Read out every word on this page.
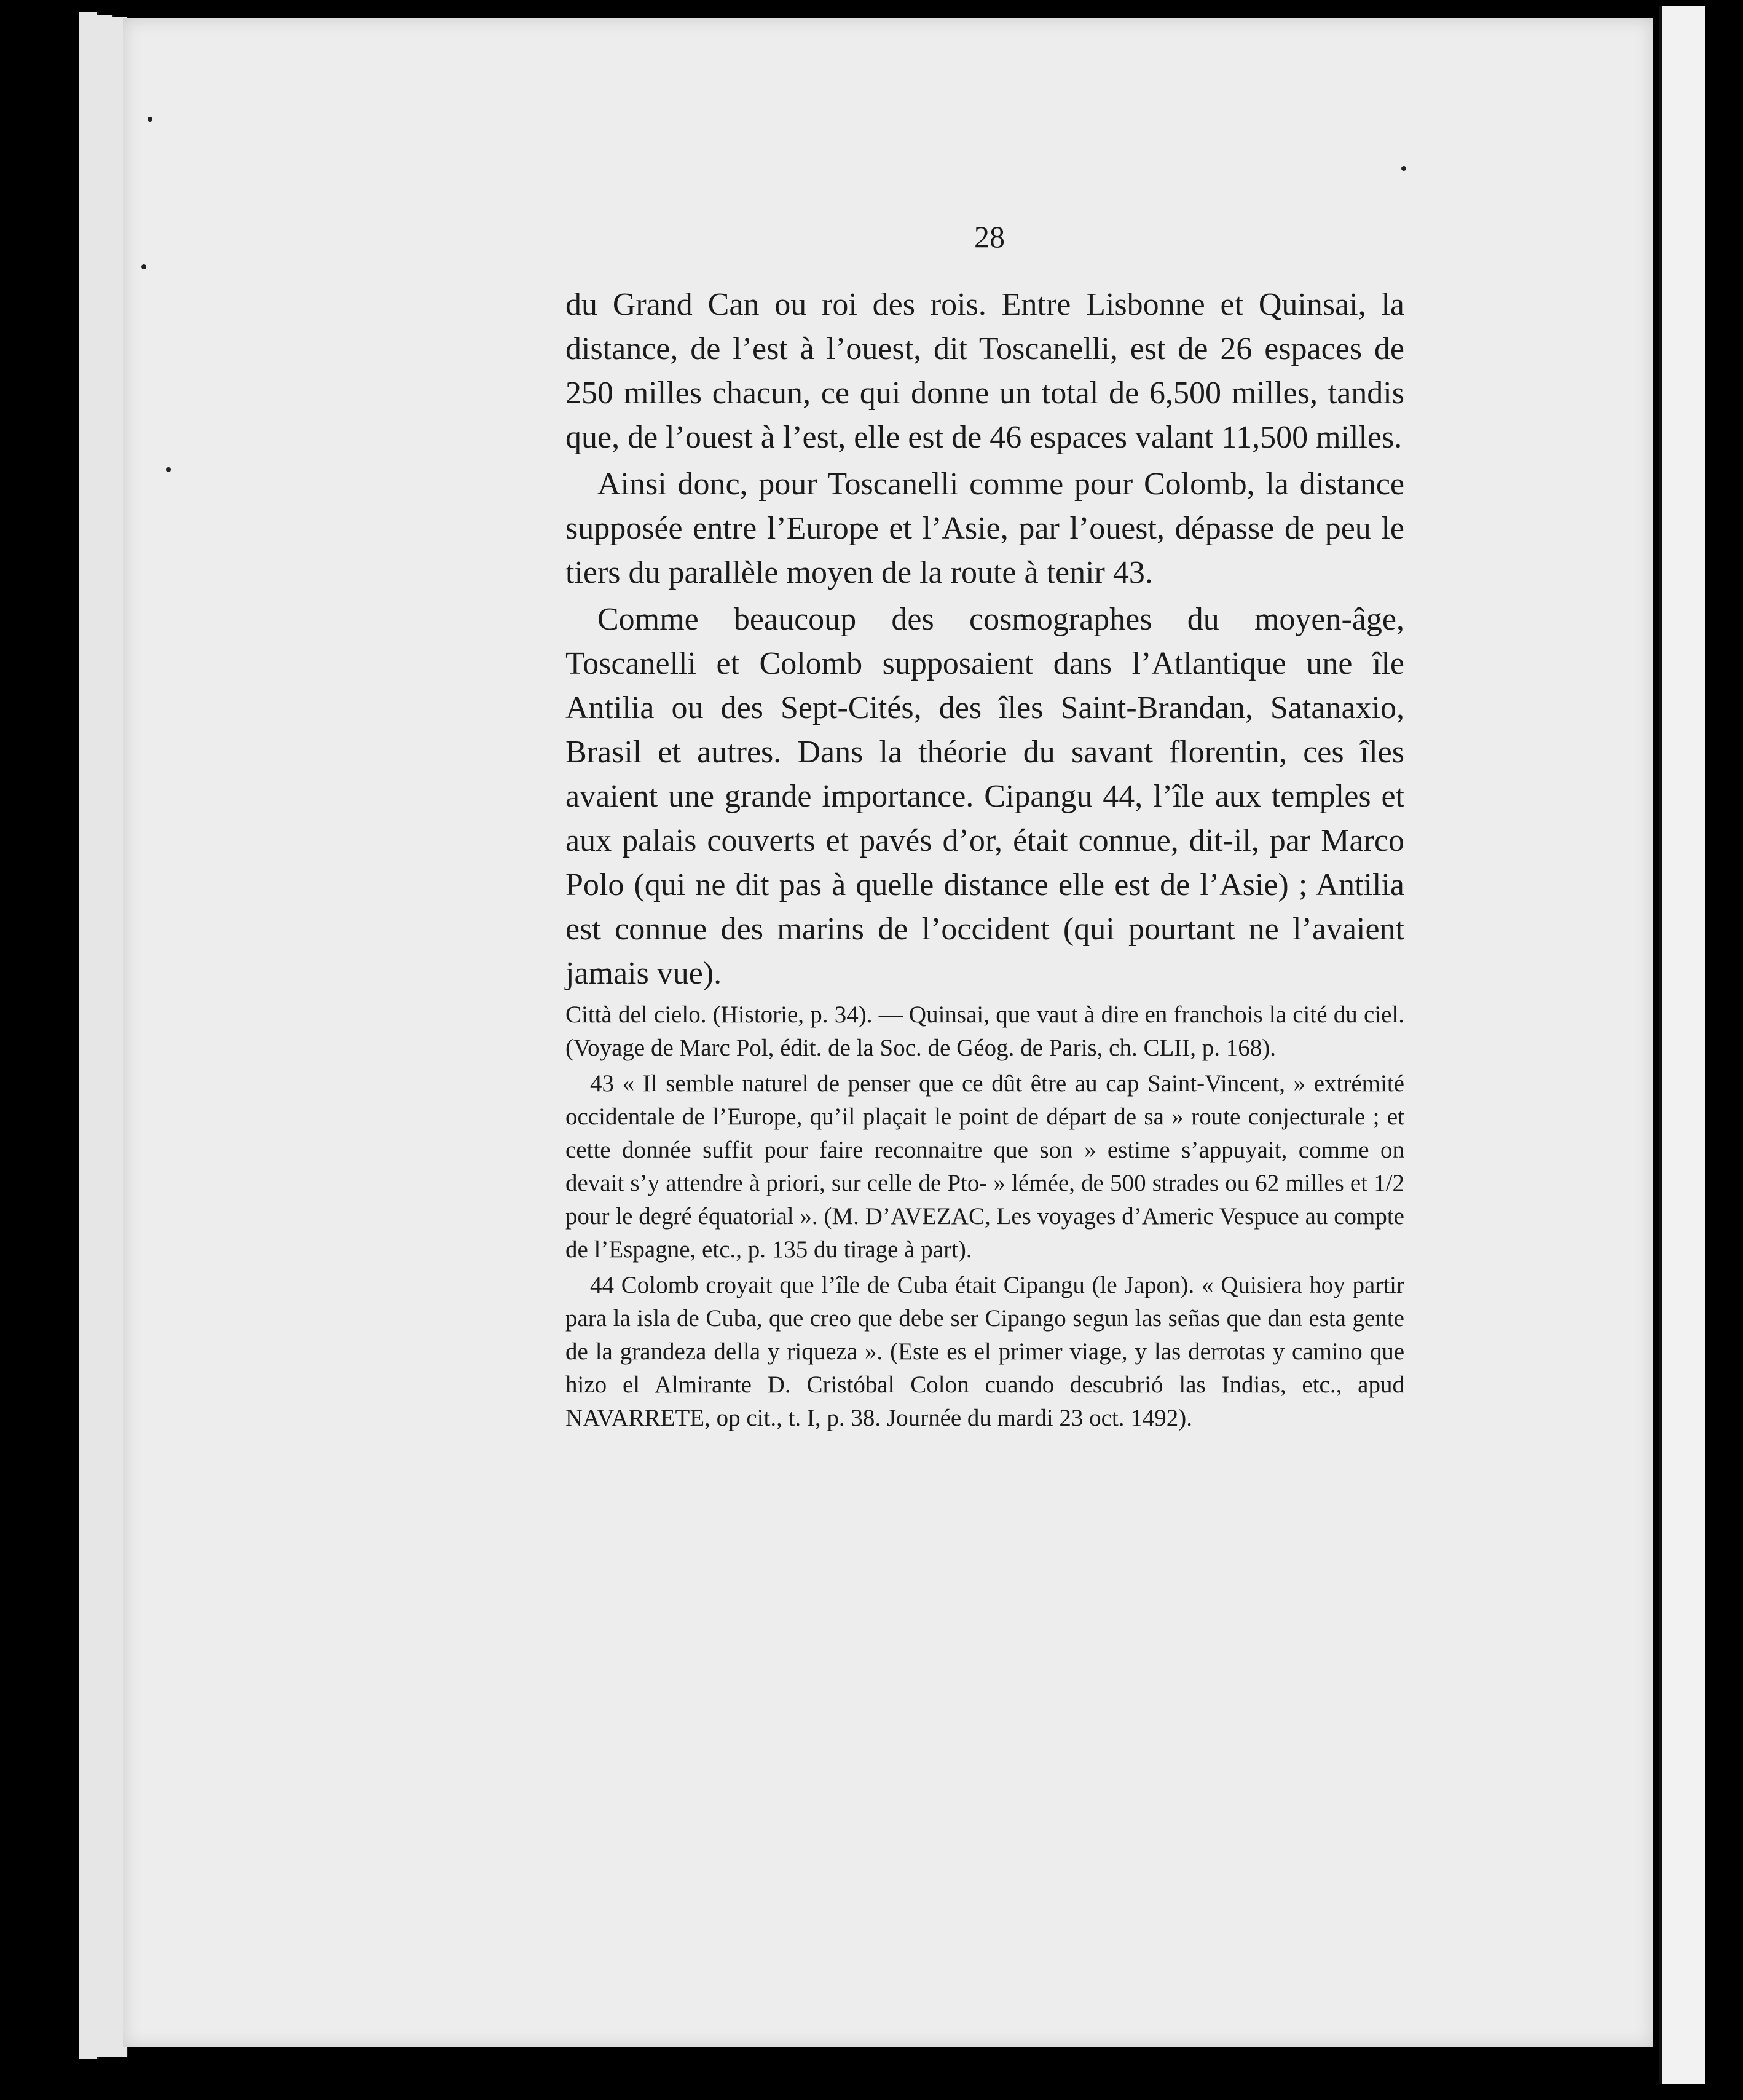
28

du Grand Can ou roi des rois. Entre Lisbonne et Quinsai, la distance, de l’est à l’ouest, dit Toscanelli, est de 26 espaces de 250 milles chacun, ce qui donne un total de 6,500 milles, tandis que, de l’ouest à l’est, elle est de 46 espaces valant 11,500 milles.

Ainsi donc, pour Toscanelli comme pour Colomb, la distance supposée entre l’Europe et l’Asie, par l’ouest, dépasse de peu le tiers du parallèle moyen de la route à tenir 43.

Comme beaucoup des cosmographes du moyen-âge, Toscanelli et Colomb supposaient dans l’Atlantique une île Antilia ou des Sept-Cités, des îles Saint-Brandan, Satanaxio, Brasil et autres. Dans la théorie du savant florentin, ces îles avaient une grande importance. Cipangu 44, l’île aux temples et aux palais couverts et pavés d’or, était connue, dit-il, par Marco Polo (qui ne dit pas à quelle distance elle est de l’Asie) ; Antilia est connue des marins de l’occident (qui pourtant ne l’avaient jamais vue).

Città del cielo. (Historie, p. 34). — Quinsai, que vaut à dire en franchois la cité du ciel. (Voyage de Marc Pol, édit. de la Soc. de Géog. de Paris, ch. CLII, p. 168).

43 « Il semble naturel de penser que ce dût être au cap Saint-Vincent, » extrémité occidentale de l’Europe, qu’il plaçait le point de départ de sa » route conjecturale ; et cette donnée suffit pour faire reconnaitre que son » estime s’appuyait, comme on devait s’y attendre à priori, sur celle de Pto- » lémée, de 500 strades ou 62 milles et 1/2 pour le degré équatorial ». (M. D’AVEZAC, Les voyages d’Americ Vespuce au compte de l’Espagne, etc., p. 135 du tirage à part).

44 Colomb croyait que l’île de Cuba était Cipangu (le Japon). « Quisiera hoy partir para la isla de Cuba, que creo que debe ser Cipango segun las señas que dan esta gente de la grandeza della y riqueza ». (Este es el primer viage, y las derrotas y camino que hizo el Almirante D. Cristóbal Colon cuando descubrió las Indias, etc., apud NAVARRETE, op cit., t. I, p. 38. Journée du mardi 23 oct. 1492).
